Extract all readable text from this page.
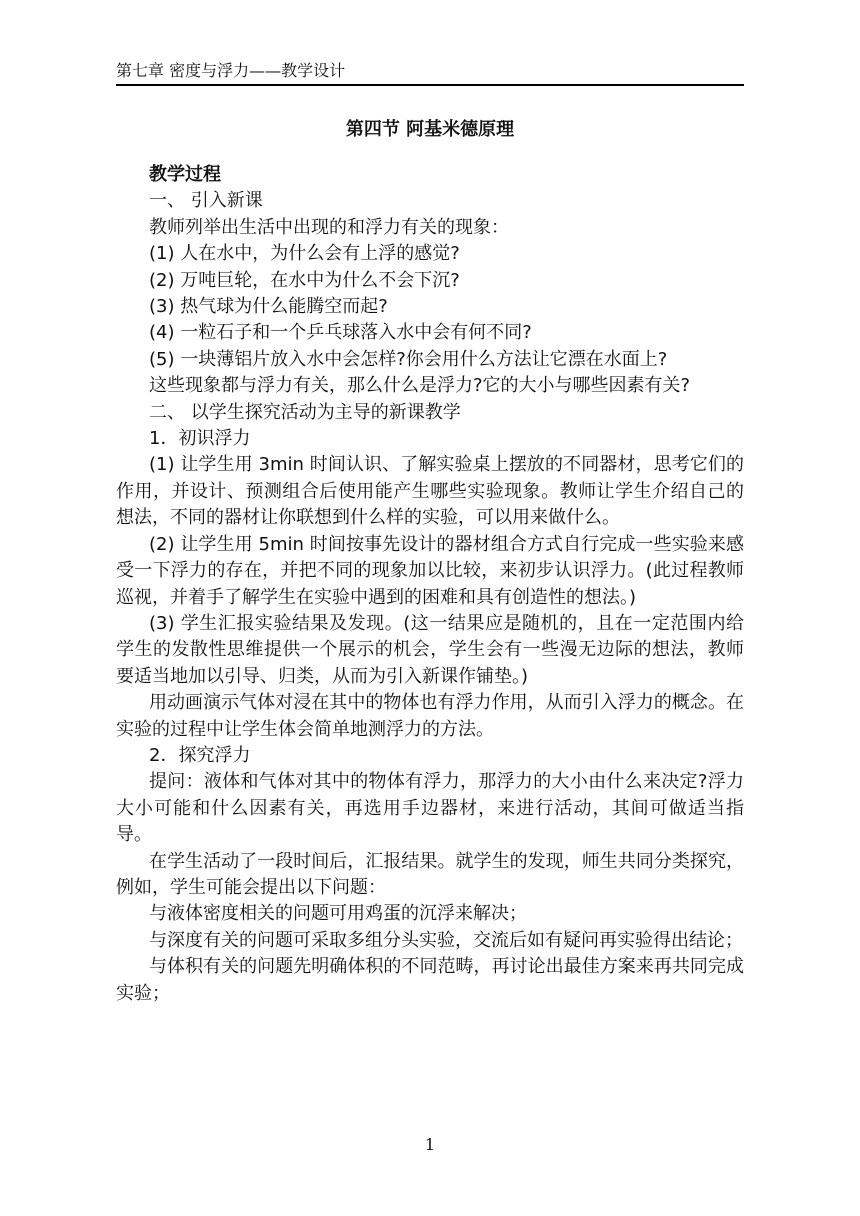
第七章 密度与浮力——教学设计
第四节 阿基米德原理

教学过程

一、 引入新课

教师列举出生活中出现的和浮力有关的现象：

(1) 人在水中，为什么会有上浮的感觉?

(2) 万吨巨轮，在水中为什么不会下沉?

(3) 热气球为什么能腾空而起?

(4) 一粒石子和一个乒乓球落入水中会有何不同?

(5) 一块薄铝片放入水中会怎样?你会用什么方法让它漂在水面上?

这些现象都与浮力有关，那么什么是浮力?它的大小与哪些因素有关?

二、 以学生探究活动为主导的新课教学

1．初识浮力

(1) 让学生用 3min 时间认识、了解实验桌上摆放的不同器材，思考它们的作用，并设计、预测组合后使用能产生哪些实验现象。教师让学生介绍自己的想法，不同的器材让你联想到什么样的实验，可以用来做什么。

(2) 让学生用 5min 时间按事先设计的器材组合方式自行完成一些实验来感受一下浮力的存在，并把不同的现象加以比较，来初步认识浮力。(此过程教师巡视，并着手了解学生在实验中遇到的困难和具有创造性的想法。)

(3) 学生汇报实验结果及发现。(这一结果应是随机的，且在一定范围内给学生的发散性思维提供一个展示的机会，学生会有一些漫无边际的想法，教师要适当地加以引导、归类，从而为引入新课作铺垫。)

用动画演示气体对浸在其中的物体也有浮力作用，从而引入浮力的概念。在实验的过程中让学生体会简单地测浮力的方法。

2．探究浮力

提问：液体和气体对其中的物体有浮力，那浮力的大小由什么来决定?浮力大小可能和什么因素有关，再选用手边器材，来进行活动，其间可做适当指导。

在学生活动了一段时间后，汇报结果。就学生的发现，师生共同分类探究，例如，学生可能会提出以下问题：

与液体密度相关的问题可用鸡蛋的沉浮来解决；

与深度有关的问题可采取多组分头实验，交流后如有疑问再实验得出结论；

与体积有关的问题先明确体积的不同范畴，再讨论出最佳方案来再共同完成实验；

1
